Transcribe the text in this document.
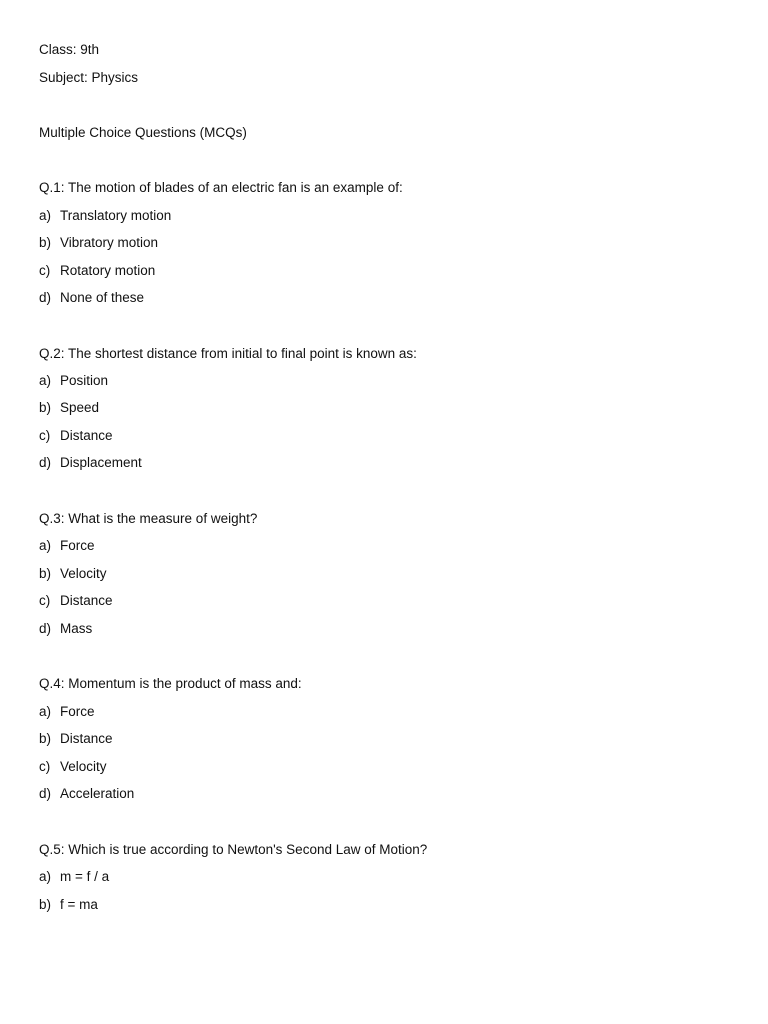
Class: 9th
Subject: Physics
Multiple Choice Questions (MCQs)
Q.1: The motion of blades of an electric fan is an example of:
a) Translatory motion
b) Vibratory motion
c) Rotatory motion
d) None of these
Q.2: The shortest distance from initial to final point is known as:
a) Position
b) Speed
c) Distance
d) Displacement
Q.3: What is the measure of weight?
a) Force
b) Velocity
c) Distance
d) Mass
Q.4: Momentum is the product of mass and:
a) Force
b) Distance
c) Velocity
d) Acceleration
Q.5: Which is true according to Newton's Second Law of Motion?
a) m = f / a
b) f = ma
